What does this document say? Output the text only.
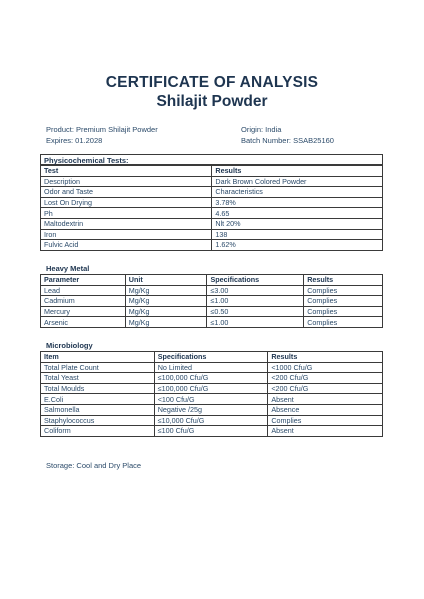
CERTIFICATE OF ANALYSIS
Shilajit Powder
Product: Premium Shilajit Powder	Origin: India
Expires: 01.2028	Batch Number: SSAB25160
Physicochemical Tests:
Test	Results
Description	Dark Brown Colored Powder
Odor and Taste	Characteristics
Lost On Drying	3.78%
Ph	4.65
Maltodextrin	Nlt 20%
Iron	138
Fulvic Acid	1.62%
Heavy Metal
Parameter	Unit	Specifications	Results
Lead	Mg/Kg	≤3.00	Complies
Cadmium	Mg/Kg	≤1.00	Complies
Mercury	Mg/Kg	≤0.50	Complies
Arsenic	Mg/Kg	≤1.00	Complies
Microbiology
Item	Specifications	Results
Total Plate Count	No Limited	<1000 Cfu/G
Total Yeast	≤100,000 Cfu/G	<200 Cfu/G
Total Moulds	≤100,000 Cfu/G	<200 Cfu/G
E.Coli	<100 Cfu/G	Absent
Salmonella	Negative /25g	Absence
Staphylococcus	≤10,000 Cfu/G	Complies
Coliform	≤100 Cfu/G	Absent
Storage: Cool and Dry Place
